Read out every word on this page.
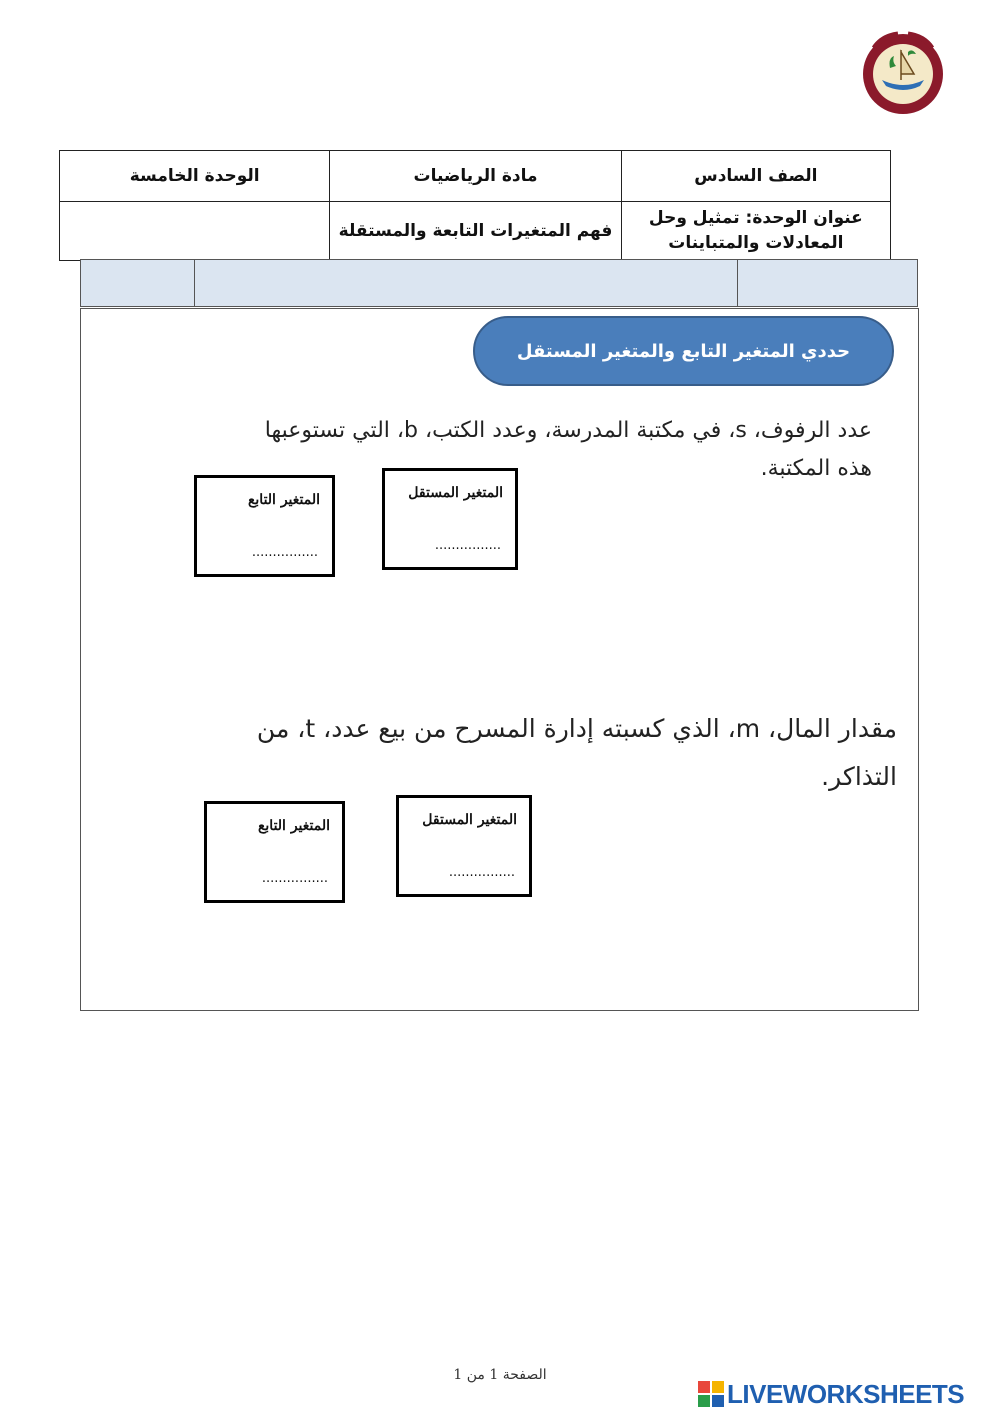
الوحدة الخامسة	مادة الرياضيات	الصف السادس
	فهم المتغيرات التابعة والمستقلة	عنوان الوحدة: تمثيل وحل المعادلات والمتباينات
حددي المتغير التابع والمتغير المستقل
عدد الرفوف، s، في مكتبة المدرسة، وعدد الكتب، b، التي تستوعبها هذه المكتبة.
المتغير المستقل
................
المتغير التابع
................
مقدار المال، m، الذي كسبته إدارة المسرح من بيع عدد، t، من التذاكر.
المتغير المستقل
................
المتغير التابع
................
الصفحة 1 من 1
LIVEWORKSHEETS
